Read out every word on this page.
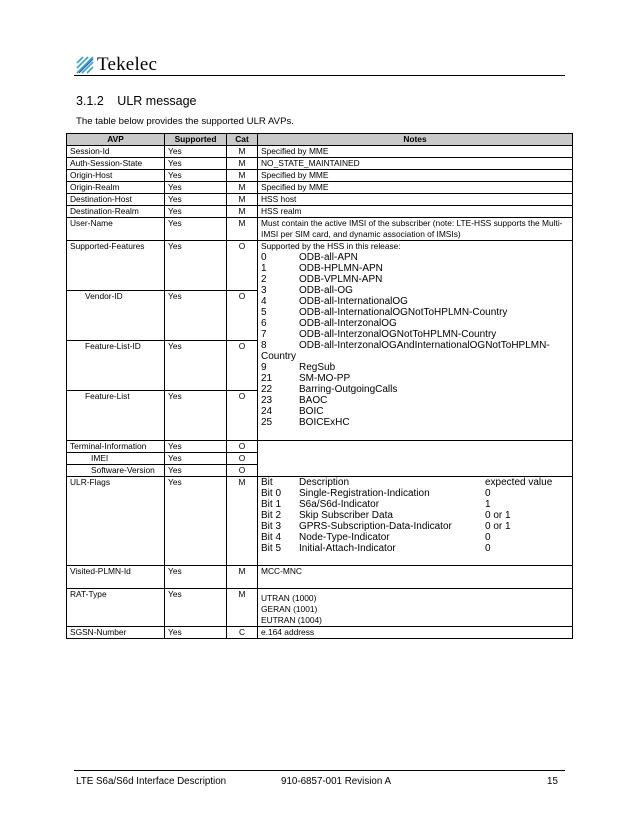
Tekelec
3.1.2 ULR message
The table below provides the supported ULR AVPs.
AVP	Supported	Cat	Notes
Session-Id	Yes	M	Specified by MME
Auth-Session-State	Yes	M	NO_STATE_MAINTAINED
Origin-Host	Yes	M	Specified by MME
Origin-Realm	Yes	M	Specified by MME
Destination-Host	Yes	M	HSS host
Destination-Realm	Yes	M	HSS realm
User-Name	Yes	M	Must contain the active IMSI of the subscriber (note: LTE-HSS supports the Multi-IMSI per SIM card, and dynamic association of IMSIs)
Supported-Features	Yes	O	Supported by the HSS in this release:
0	ODB-all-APN
1	ODB-HPLMN-APN
2	ODB-VPLMN-APN
3	ODB-all-OG
4	ODB-all-InternationalOG
5	ODB-all-InternationalOGNotToHPLMN-Country
6	ODB-all-InterzonalOG
7	ODB-all-InterzonalOGNotToHPLMN-Country
8	ODB-all-InterzonalOGAndInternationalOGNotToHPLMN-
Country
9	RegSub
21	SM-MO-PP
22	Barring-OutgoingCalls
23	BAOC
24	BOIC
25	BOICExHC

Vendor-ID	Yes	O
Feature-List-ID	Yes	O
Feature-List	Yes	O
Terminal-Information	Yes	O	
IMEI	Yes	O
Software-Version	Yes	O
ULR-Flags	Yes	M	Bit	Description	expected value
Bit 0	Single-Registration-Indication	0
Bit 1	S6a/S6d-Indicator	1
Bit 2	Skip Subscriber Data	0 or 1
Bit 3	GPRS-Subscription-Data-Indicator	0 or 1
Bit 4	Node-Type-Indicator	0
Bit 5	Initial-Attach-Indicator	0

Visited-PLMN-Id	Yes	M	MCC-MNC
RAT-Type	Yes	M	UTRAN (1000)
GERAN (1001)
EUTRAN (1004)

SGSN-Number	Yes	C	e.164 address
LTE S6a/S6d Interface Description	910-6857-001 Revision A	15
